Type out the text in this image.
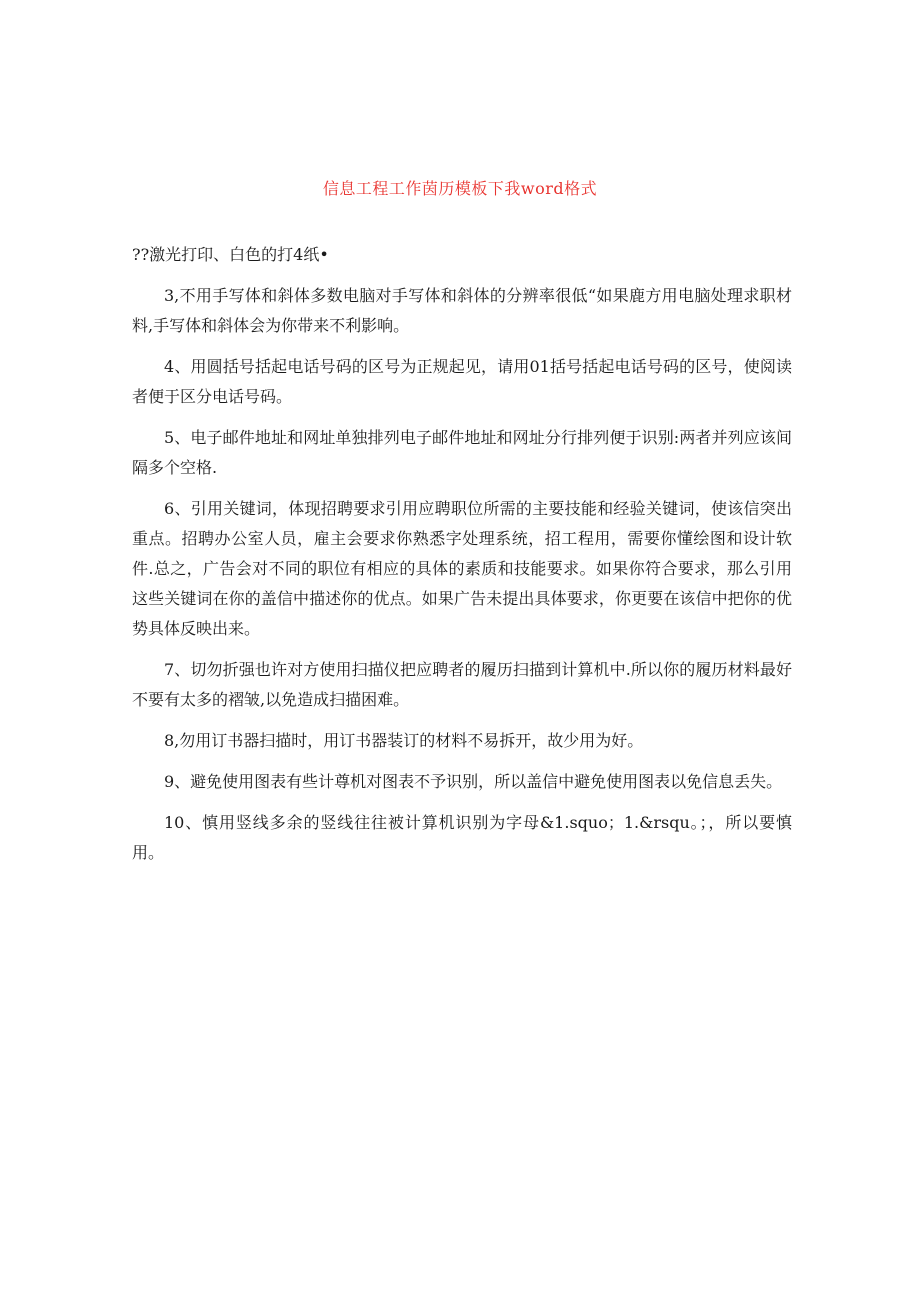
信息工程工作茵历模板下我word格式

??激光打印、白色的打4纸•

3,不用手写体和斜体多数电脑对手写体和斜体的分辨率很低“如果鹿方用电脑处理求职材料,手写体和斜体会为你带来不利影响。

4、用圆括号括起电话号码的区号为正规起见，请用01括号括起电话号码的区号，使阅读者便于区分电话号码。

5、电子邮件地址和网址单独排列电子邮件地址和网址分行排列便于识别:两者并列应该间隔多个空格.

6、引用关键词，体现招聘要求引用应聘职位所需的主要技能和经验关键词，使该信突出重点。招聘办公室人员，雇主会要求你熟悉字处理系统，招工程用，需要你懂绘图和设计软件.总之，广告会对不同的职位有相应的具体的素质和技能要求。如果你符合要求，那么引用这些关键词在你的盖信中描述你的优点。如果广告未提出具体要求，你更要在该信中把你的优势具体反映出来。

7、切勿折强也许对方使用扫描仪把应聘者的履历扫描到计算机中.所以你的履历材料最好不要有太多的褶皱,以免造成扫描困难。

8,勿用订书器扫描时，用订书器装订的材料不易拆开，故少用为好。

9、避免使用图表有些计尊机对图表不予识别，所以盖信中避免使用图表以免信息丢失。

10、慎用竖线多余的竖线往往被计算机识别为字母&1.squo；1.&rsqu。；，所以要慎用。
